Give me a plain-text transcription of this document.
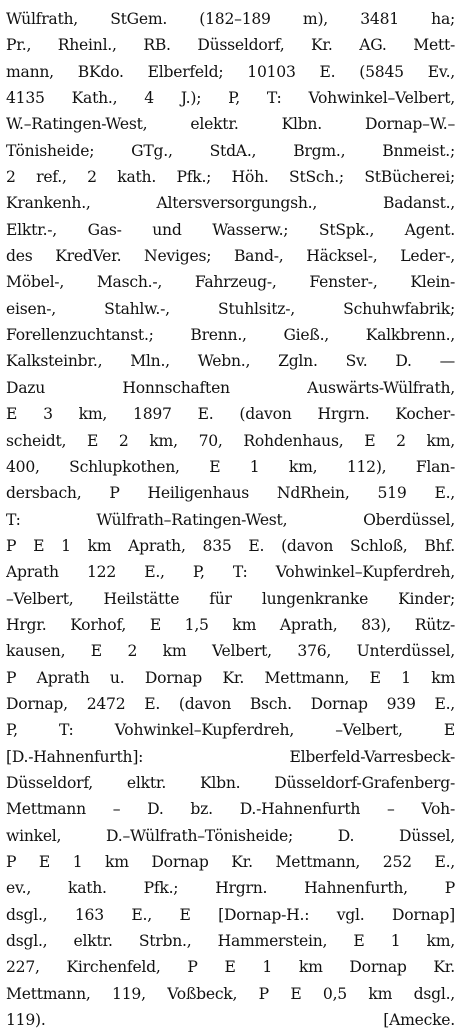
Wülfrath, StGem. (182–189 m), 3481 ha;
Pr., Rheinl., RB. Düsseldorf, Kr. AG. Mett-
mann, BKdo. Elberfeld; 10103 E. (5845 Ev.,
4135 Kath., 4 J.); P, T: Vohwinkel–Velbert,
W.–Ratingen-West, elektr. Klbn. Dornap–W.–
Tönisheide; GTg., StdA., Brgm., Bnmeist.;
2 ref., 2 kath. Pfk.; Höh. StSch.; StBücherei;
Krankenh., Altersversorgungsh., Badanst.,
Elktr.-, Gas- und Wasserw.; StSpk., Agent.
des KredVer. Neviges; Band-, Häcksel-, Leder-,
Möbel-, Masch.-, Fahrzeug-, Fenster-, Klein-
eisen-, Stahlw.-, Stuhlsitz-, Schuhwfabrik;
Forellenzuchtanst.; Brenn., Gieß., Kalkbrenn.,
Kalksteinbr., Mln., Webn., Zgln. Sv. D. —
Dazu Honnschaften Auswärts-Wülfrath,
E 3 km, 1897 E. (davon Hrgrn. Kocher-
scheidt, E 2 km, 70, Rohdenhaus, E 2 km,
400, Schlupkothen, E 1 km, 112), Flan-
dersbach, P Heiligenhaus NdRhein, 519 E.,
T: Wülfrath–Ratingen-West, Oberdüssel,
P E 1 km Aprath, 835 E. (davon Schloß, Bhf.
Aprath 122 E., P, T: Vohwinkel–Kupferdreh,
–Velbert, Heilstätte für lungenkranke Kinder;
Hrgr. Korhof, E 1,5 km Aprath, 83), Rütz-
kausen, E 2 km Velbert, 376, Unterdüssel,
P Aprath u. Dornap Kr. Mettmann, E 1 km
Dornap, 2472 E. (davon Bsch. Dornap 939 E.,
P, T: Vohwinkel–Kupferdreh, –Velbert, E
[D.-Hahnenfurth]: Elberfeld-Varresbeck-
Düsseldorf, elktr. Klbn. Düsseldorf-Grafenberg-
Mettmann – D. bz. D.-Hahnenfurth – Voh-
winkel, D.–Wülfrath–Tönisheide; D. Düssel,
P E 1 km Dornap Kr. Mettmann, 252 E.,
ev., kath. Pfk.; Hrgrn. Hahnenfurth, P
dsgl., 163 E., E [Dornap-H.: vgl. Dornap]
dsgl., elktr. Strbn., Hammerstein, E 1 km,
227, Kirchenfeld, P E 1 km Dornap Kr.
Mettmann, 119, Voßbeck, P E 0,5 km dsgl.,
119). [Amecke.
